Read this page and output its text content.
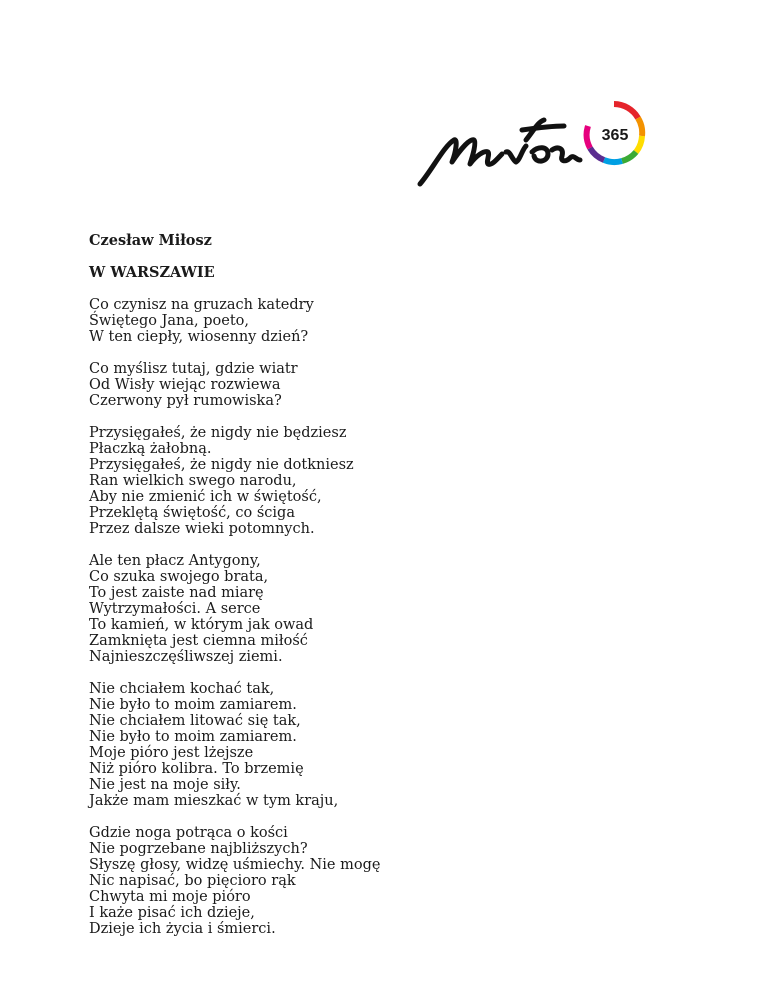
365
Czesław Miłosz
W WARSZAWIE
Co czynisz na gruzach katedry
Świętego Jana, poeto,
W ten ciepły, wiosenny dzień?
Co myślisz tutaj, gdzie wiatr
Od Wisły wiejąc rozwiewa
Czerwony pył rumowiska?
Przysięgałeś, że nigdy nie będziesz
Płaczką żałobną.
Przysięgałeś, że nigdy nie dotkniesz
Ran wielkich swego narodu,
Aby nie zmienić ich w świętość,
Przeklętą świętość, co ściga
Przez dalsze wieki potomnych.
Ale ten płacz Antygony,
Co szuka swojego brata,
To jest zaiste nad miarę
Wytrzymałości. A serce
To kamień, w którym jak owad
Zamknięta jest ciemna miłość
Najnieszczęśliwszej ziemi.
Nie chciałem kochać tak,
Nie było to moim zamiarem.
Nie chciałem litować się tak,
Nie było to moim zamiarem.
Moje pióro jest lżejsze
Niż pióro kolibra. To brzemię
Nie jest na moje siły.
Jakże mam mieszkać w tym kraju,
Gdzie noga potrąca o kości
Nie pogrzebane najbliższych?
Słyszę głosy, widzę uśmiechy. Nie mogę
Nic napisać, bo pięcioro rąk
Chwyta mi moje pióro
I każe pisać ich dzieje,
Dzieje ich życia i śmierci.
